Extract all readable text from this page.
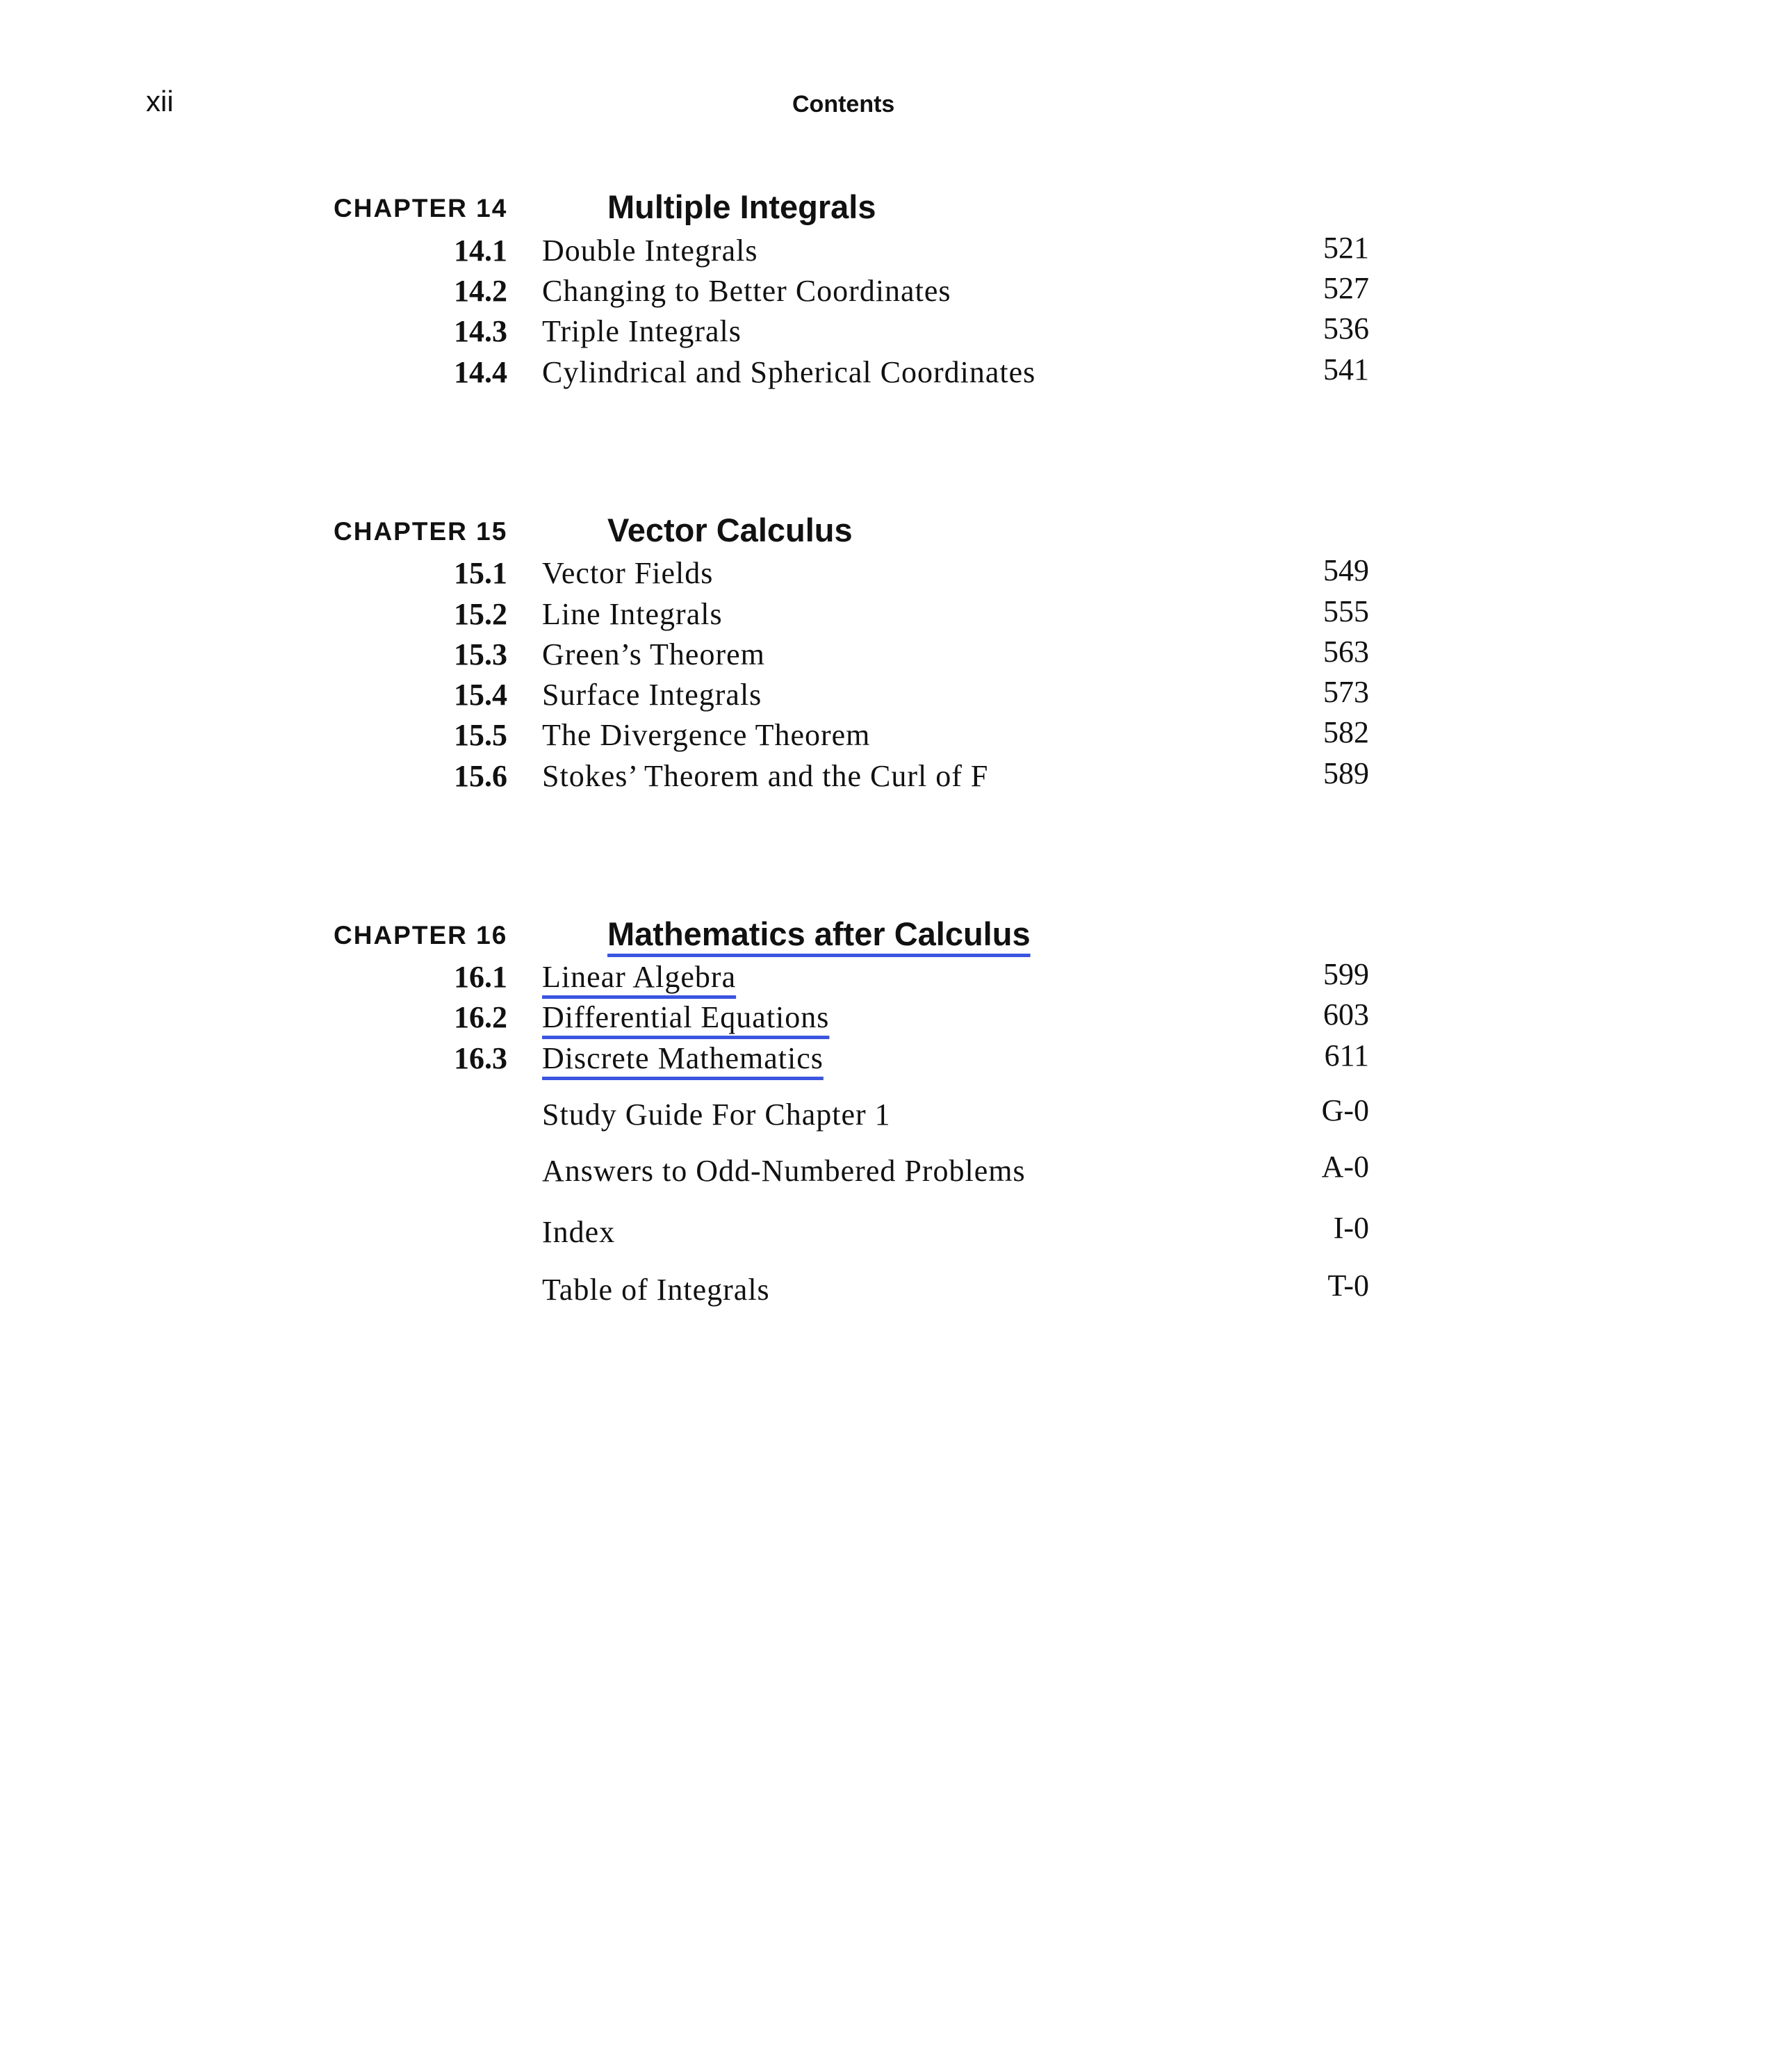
xii	Contents
CHAPTER 14	Multiple Integrals
14.1 Double Integrals	521
14.2 Changing to Better Coordinates	527
14.3 Triple Integrals	536
14.4 Cylindrical and Spherical Coordinates	541
CHAPTER 15	Vector Calculus
15.1 Vector Fields	549
15.2 Line Integrals	555
15.3 Green’s Theorem	563
15.4 Surface Integrals	573
15.5 The Divergence Theorem	582
15.6 Stokes’ Theorem and the Curl of F	589
CHAPTER 16	Mathematics after Calculus
16.1 Linear Algebra	599
16.2 Differential Equations	603
16.3 Discrete Mathematics	611
Study Guide For Chapter 1	G-0
Answers to Odd-Numbered Problems	A-0
Index	I-0
Table of Integrals	T-0
